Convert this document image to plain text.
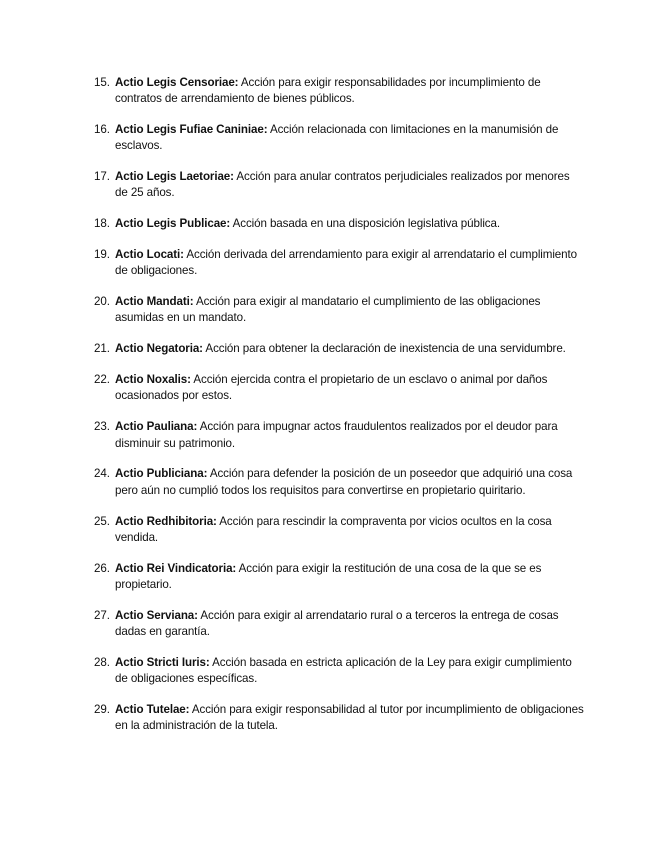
15. Actio Legis Censoriae: Acción para exigir responsabilidades por incumplimiento de contratos de arrendamiento de bienes públicos.
16. Actio Legis Fufiae Caniniae: Acción relacionada con limitaciones en la manumisión de esclavos.
17. Actio Legis Laetoriae: Acción para anular contratos perjudiciales realizados por menores de 25 años.
18. Actio Legis Publicae: Acción basada en una disposición legislativa pública.
19. Actio Locati: Acción derivada del arrendamiento para exigir al arrendatario el cumplimiento de obligaciones.
20. Actio Mandati: Acción para exigir al mandatario el cumplimiento de las obligaciones asumidas en un mandato.
21. Actio Negatoria: Acción para obtener la declaración de inexistencia de una servidumbre.
22. Actio Noxalis: Acción ejercida contra el propietario de un esclavo o animal por daños ocasionados por estos.
23. Actio Pauliana: Acción para impugnar actos fraudulentos realizados por el deudor para disminuir su patrimonio.
24. Actio Publiciana: Acción para defender la posición de un poseedor que adquirió una cosa pero aún no cumplió todos los requisitos para convertirse en propietario quiritario.
25. Actio Redhibitoria: Acción para rescindir la compraventa por vicios ocultos en la cosa vendida.
26. Actio Rei Vindicatoria: Acción para exigir la restitución de una cosa de la que se es propietario.
27. Actio Serviana: Acción para exigir al arrendatario rural o a terceros la entrega de cosas dadas en garantía.
28. Actio Stricti Iuris: Acción basada en estricta aplicación de la Ley para exigir cumplimiento de obligaciones específicas.
29. Actio Tutelae: Acción para exigir responsabilidad al tutor por incumplimiento de obligaciones en la administración de la tutela.
